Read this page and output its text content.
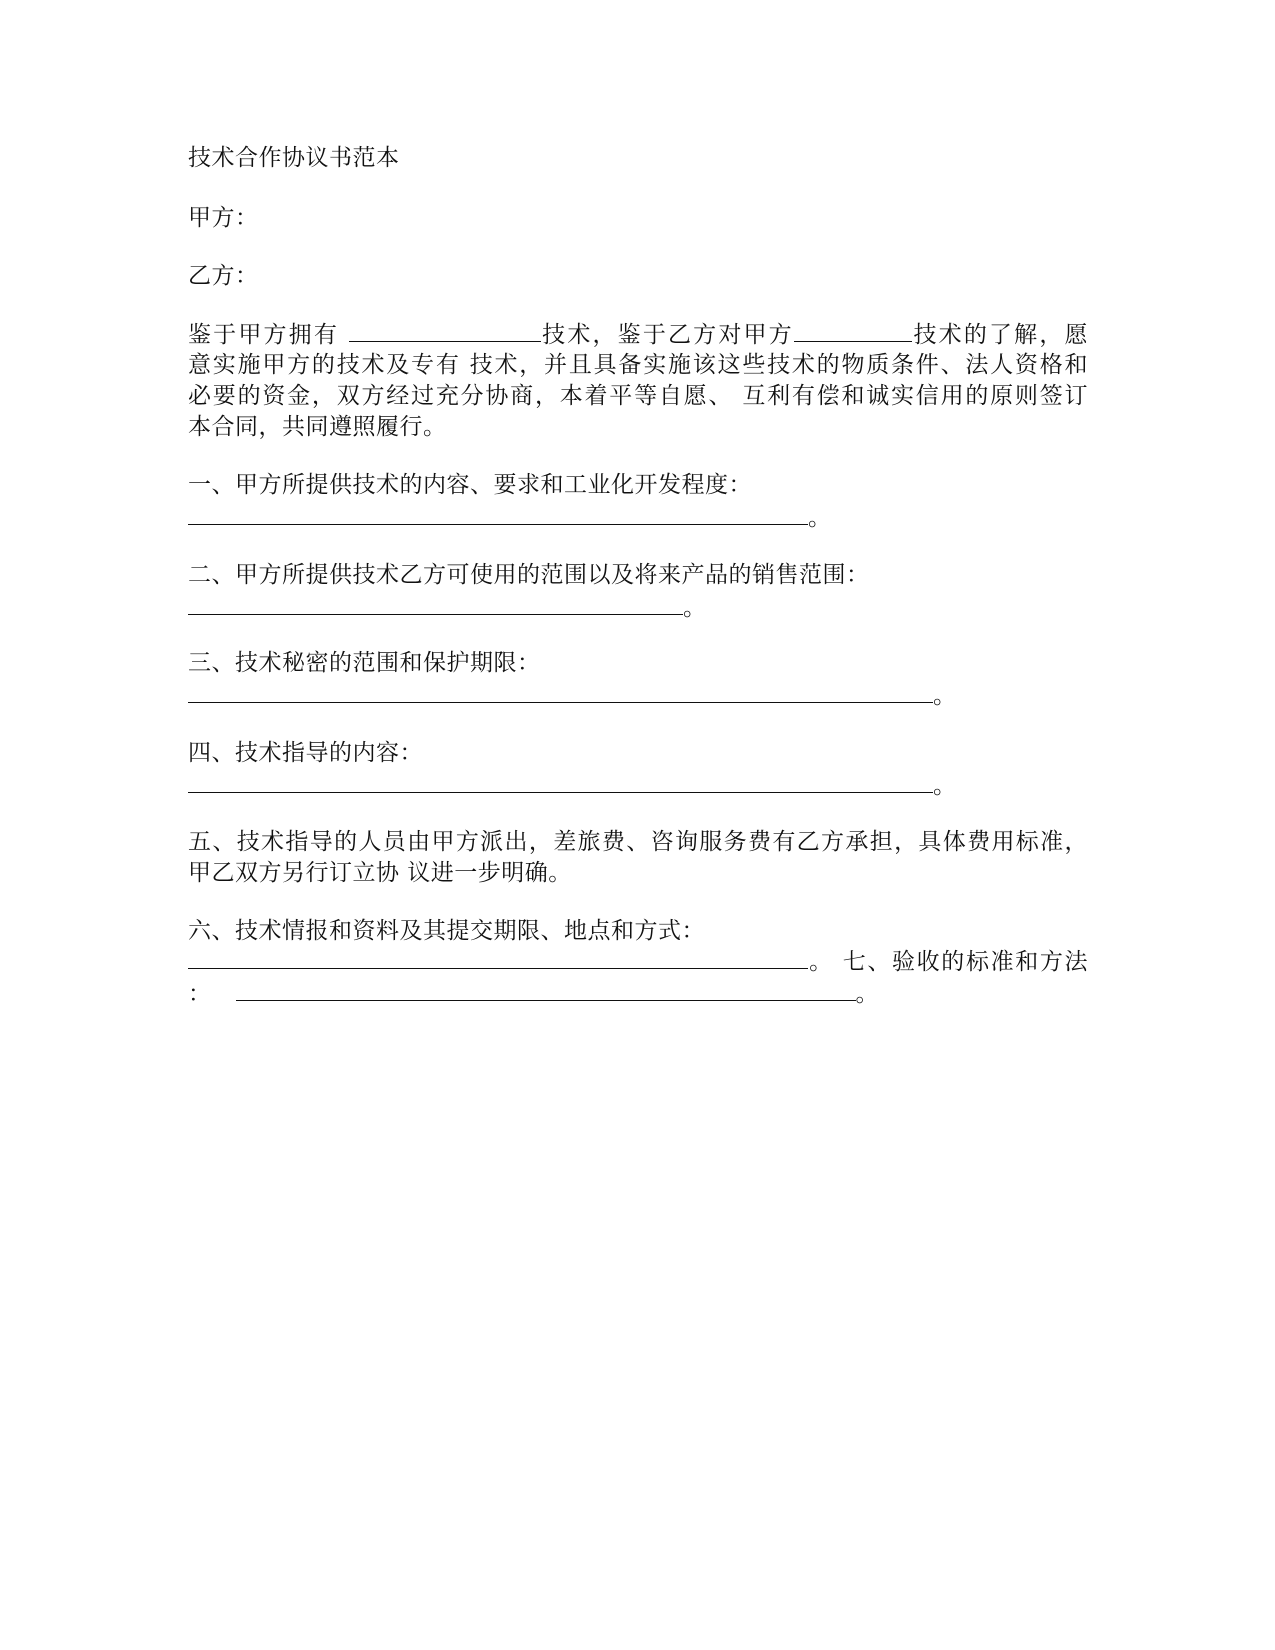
技术合作协议书范本
甲方：
乙方：
鉴于甲方拥有	技术，鉴于乙方对甲方	技术的了解，愿
意实施甲方的技术及专有 技术，并且具备实施该这些技术的物质条件、法人资格和
必要的资金，双方经过充分协商，本着平等自愿、 互利有偿和诚实信用的原则签订
本合同，共同遵照履行。
一、甲方所提供技术的内容、要求和工业化开发程度：
。
二、甲方所提供技术乙方可使用的范围以及将来产品的销售范围：
。
三、技术秘密的范围和保护期限：
。
四、技术指导的内容：
。
五、技术指导的人员由甲方派出，差旅费、咨询服务费有乙方承担，具体费用标准，
甲乙双方另行订立协 议进一步明确。
六、技术情报和资料及其提交期限、地点和方式：
。 七、验收的标准和方法
：	。
